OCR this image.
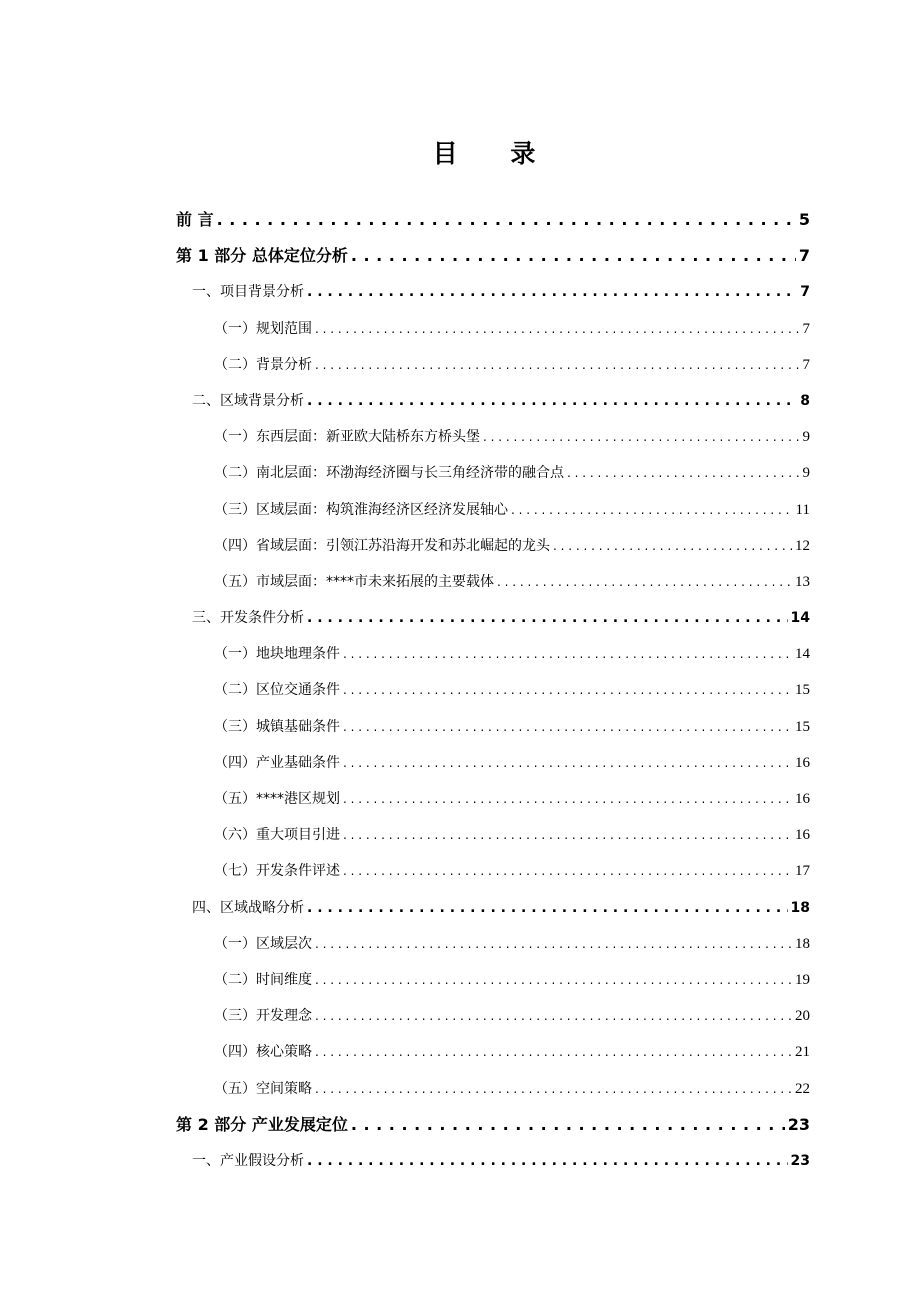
目 录
前 言 . . .	5
第 1 部分 总体定位分析 . . .	7
一、项目背景分析 . . .	7
（一）规划范围 . . .	7
（二）背景分析 . . .	7
二、区域背景分析 . . .	8
（一）东西层面：新亚欧大陆桥东方桥头堡 . . .	9
（二）南北层面：环渤海经济圈与长三角经济带的融合点 . . .	9
（三）区域层面：构筑淮海经济区经济发展轴心 . . .	11
（四）省域层面：引领江苏沿海开发和苏北崛起的龙头 . . .	12
（五）市域层面：****市未来拓展的主要载体 . . .	13
三、开发条件分析 . . .	14
（一）地块地理条件 . . .	14
（二）区位交通条件 . . .	15
（三）城镇基础条件 . . .	15
（四）产业基础条件 . . .	16
（五）****港区规划 . . .	16
（六）重大项目引进 . . .	16
（七）开发条件评述 . . .	17
四、区域战略分析 . . .	18
（一）区域层次 . . .	18
（二）时间维度 . . .	19
（三）开发理念 . . .	20
（四）核心策略 . . .	21
（五）空间策略 . . .	22
第 2 部分 产业发展定位 . . .	23
一、产业假设分析 . . .	23
